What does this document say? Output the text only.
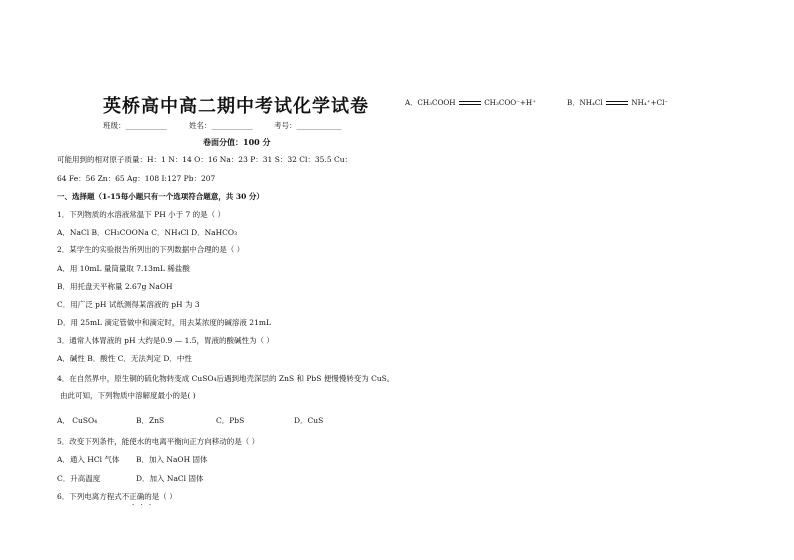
英桥高中高二期中考试化学试卷
班级：___________	姓名：___________	考号：____________
卷面分值：100 分
可能用到的相对原子质量：H：1 N：14 O：16 Na：23 P：31 S：32 Cl：35.5 Cu：
64 Fe：56 Zn：65 Ag：108 I:127 Pb：207
一、选择题（1-15每小题只有一个选项符合题意，共 30 分）
1．下列物质的水溶液常温下 PH 小于 7 的是（ ）
A．NaCl B．CH₃COONa C．NH₄Cl D．NaHCO₃
2．某学生的实验报告所列出的下列数据中合理的是（ ）
A．用 10mL 量筒量取 7.13mL 稀盐酸
B．用托盘天平称量 2.67g NaOH
C．用广泛 pH 试纸测得某溶液的 pH 为 3
D．用 25mL 滴定管做中和滴定时，用去某浓度的碱溶液 21mL
3．通常人体胃液的 pH 大约是0.9 — 1.5，胃液的酸碱性为（ ）
A．碱性 B．酸性 C．无法判定 D．中性
4．在自然界中，原生铜的硫化物转变成 CuSO₄后遇到地壳深层的 ZnS 和 PbS 便慢慢转变为 CuS。
由此可知，下列物质中溶解度最小的是( )
A． CuSO₄	B．ZnS	C．PbS	D．CuS
5．改变下列条件，能使水的电离平衡向正方向移动的是（ ）
A．通入 HCl 气体 B．加入 NaOH 固体
C．升高温度	D．加入 NaCl 固体
6．下列电离方程式不正确的是（ ）
· · ·
A．CH₃COOH	CH₃COO⁻+H⁺	B．NH₄Cl	NH₄⁺+Cl⁻
